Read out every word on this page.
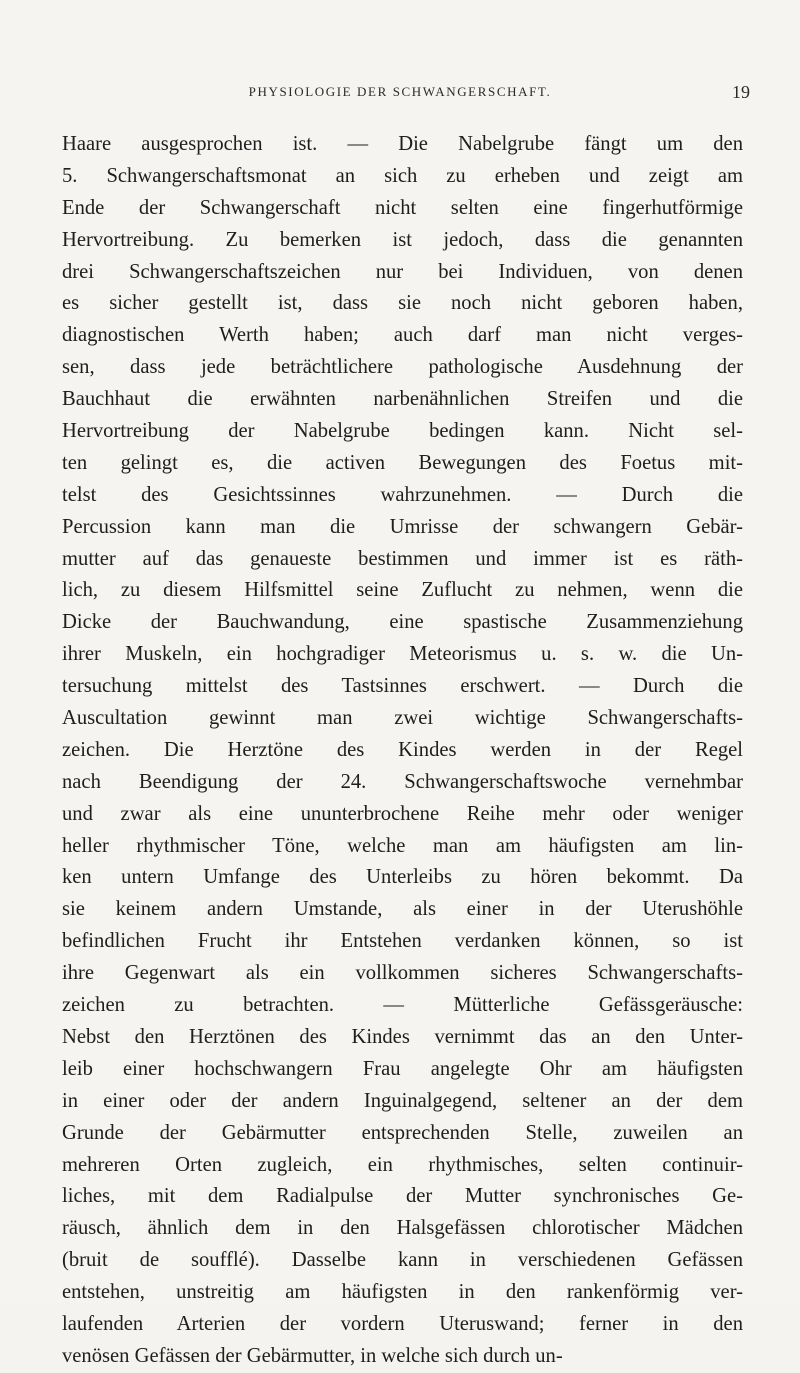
PHYSIOLOGIE DER SCHWANGERSCHAFT.	19
Haare ausgesprochen ist. — Die Nabelgrube fängt um den
5. Schwangerschaftsmonat an sich zu erheben und zeigt am
Ende der Schwangerschaft nicht selten eine fingerhutförmige
Hervortreibung. Zu bemerken ist jedoch, dass die genannten
drei Schwangerschaftszeichen nur bei Individuen, von denen
es sicher gestellt ist, dass sie noch nicht geboren haben,
diagnostischen Werth haben; auch darf man nicht verges-
sen, dass jede beträchtlichere pathologische Ausdehnung der
Bauchhaut die erwähnten narbenähnlichen Streifen und die
Hervortreibung der Nabelgrube bedingen kann. Nicht sel-
ten gelingt es, die activen Bewegungen des Foetus mit-
telst des Gesichtssinnes wahrzunehmen. — Durch die
Percussion kann man die Umrisse der schwangern Gebär-
mutter auf das genaueste bestimmen und immer ist es räth-
lich, zu diesem Hilfsmittel seine Zuflucht zu nehmen, wenn die
Dicke der Bauchwandung, eine spastische Zusammenziehung
ihrer Muskeln, ein hochgradiger Meteorismus u. s. w. die Un-
tersuchung mittelst des Tastsinnes erschwert. — Durch die
Auscultation gewinnt man zwei wichtige Schwangerschafts-
zeichen. Die Herztöne des Kindes werden in der Regel
nach Beendigung der 24. Schwangerschaftswoche vernehmbar
und zwar als eine ununterbrochene Reihe mehr oder weniger
heller rhythmischer Töne, welche man am häufigsten am lin-
ken untern Umfange des Unterleibs zu hören bekommt. Da
sie keinem andern Umstande, als einer in der Uterushöhle
befindlichen Frucht ihr Entstehen verdanken können, so ist
ihre Gegenwart als ein vollkommen sicheres Schwangerschafts-
zeichen zu betrachten. — Mütterliche Gefässgeräusche:
Nebst den Herztönen des Kindes vernimmt das an den Unter-
leib einer hochschwangern Frau angelegte Ohr am häufigsten
in einer oder der andern Inguinalgegend, seltener an der dem
Grunde der Gebärmutter entsprechenden Stelle, zuweilen an
mehreren Orten zugleich, ein rhythmisches, selten continuir-
liches, mit dem Radialpulse der Mutter synchronisches Ge-
räusch, ähnlich dem in den Halsgefässen chlorotischer Mädchen
(bruit de soufflé). Dasselbe kann in verschiedenen Gefässen
entstehen, unstreitig am häufigsten in den rankenförmig ver-
laufenden Arterien der vordern Uteruswand; ferner in den
venösen Gefässen der Gebärmutter, in welche sich durch un-
